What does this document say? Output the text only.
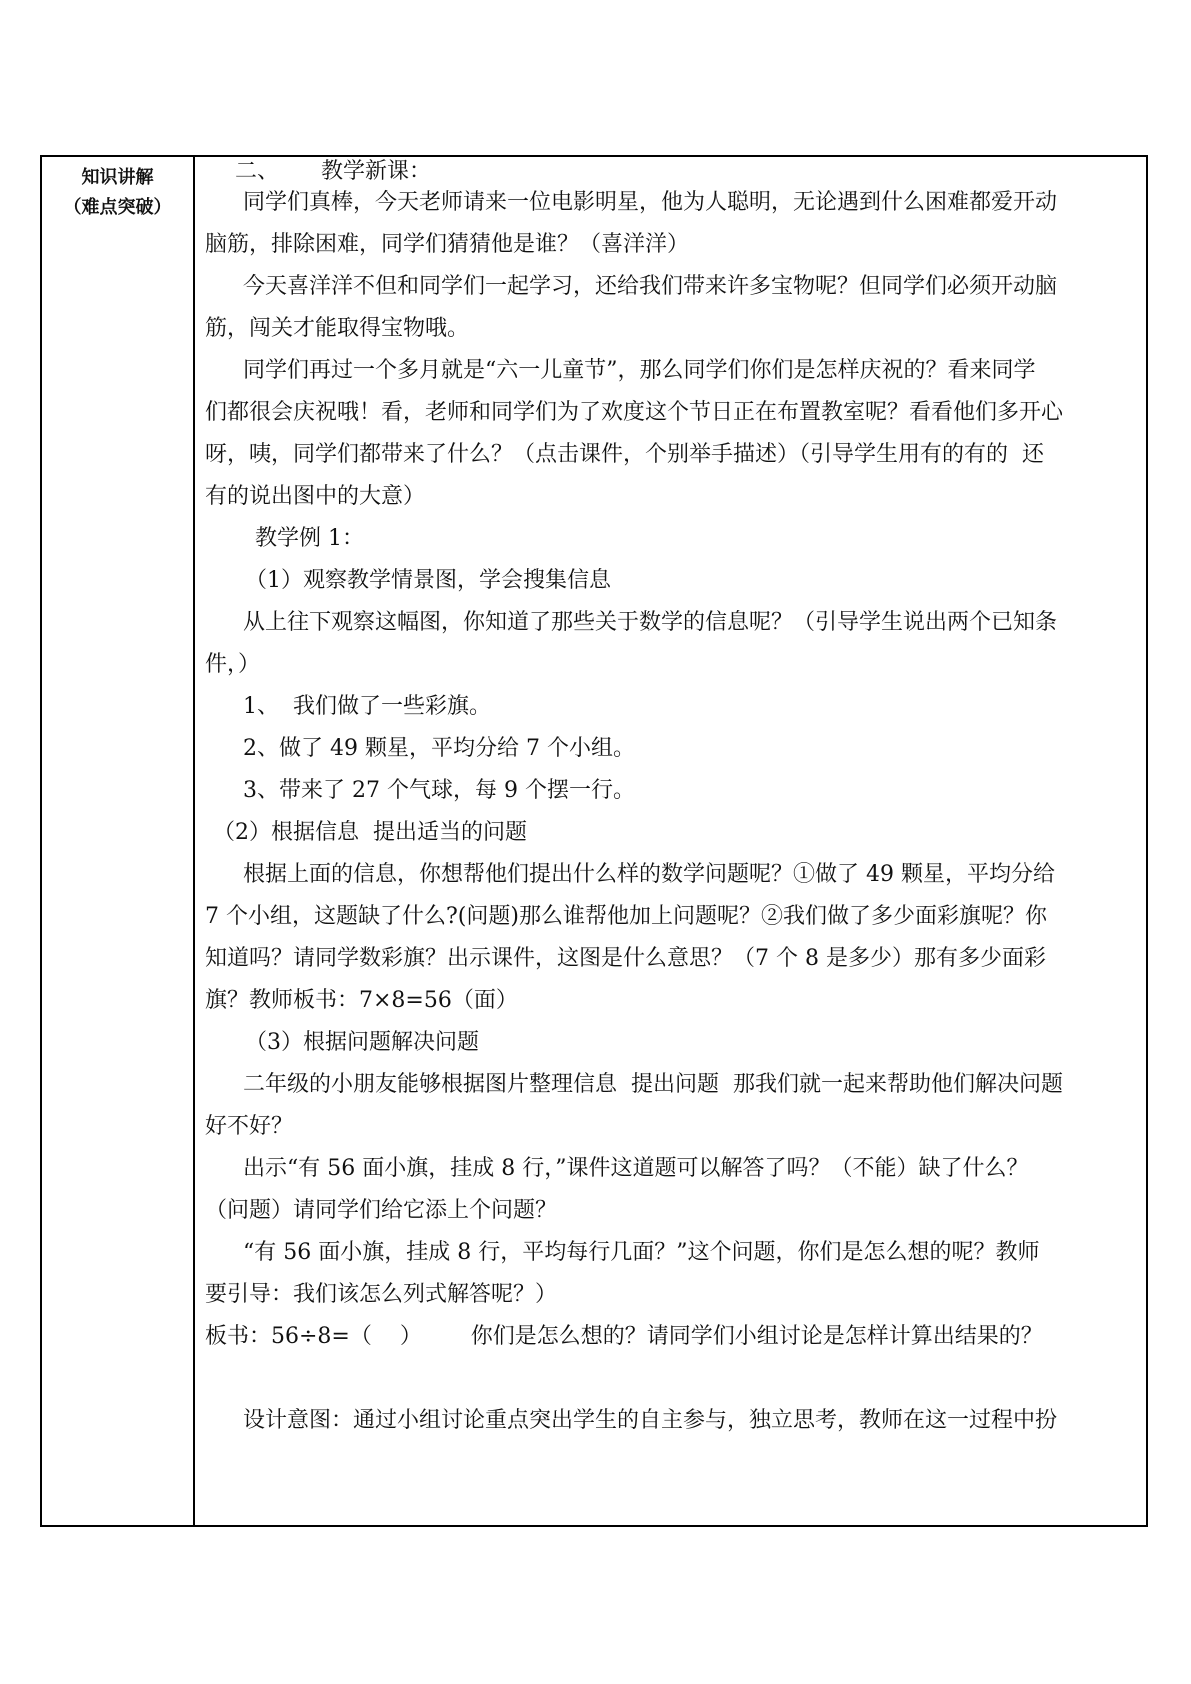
知识讲解
（难点突破）
二、      教学新课：
同学们真棒，今天老师请来一位电影明星，他为人聪明，无论遇到什么困难都爱开动
脑筋，排除困难，同学们猜猜他是谁？（喜洋洋）
今天喜洋洋不但和同学们一起学习，还给我们带来许多宝物呢？但同学们必须开动脑
筋，闯关才能取得宝物哦。
同学们再过一个多月就是“六一儿童节”，那么同学们你们是怎样庆祝的？看来同学
们都很会庆祝哦！看，老师和同学们为了欢度这个节日正在布置教室呢？看看他们多开心
呀，咦，同学们都带来了什么？（点击课件，个别举手描述）（引导学生用有的有的  还
有的说出图中的大意）
教学例 1：
（1）观察教学情景图，学会搜集信息
从上往下观察这幅图，你知道了那些关于数学的信息呢？（引导学生说出两个已知条
件，）
1、  我们做了一些彩旗。
2、做了 49 颗星，平均分给 7 个小组。
3、带来了 27 个气球，每 9 个摆一行。
（2）根据信息  提出适当的问题
根据上面的信息，你想帮他们提出什么样的数学问题呢？①做了 49 颗星，平均分给
7 个小组，这题缺了什么?(问题)那么谁帮他加上问题呢？②我们做了多少面彩旗呢？你
知道吗？请同学数彩旗？出示课件，这图是什么意思？（7 个 8 是多少）那有多少面彩
旗？教师板书：7×8=56（面）
（3）根据问题解决问题
二年级的小朋友能够根据图片整理信息  提出问题  那我们就一起来帮助他们解决问题
好不好？
出示“有 56 面小旗，挂成 8 行，”课件这道题可以解答了吗？（不能）缺了什么？
（问题）请同学们给它添上个问题？
“有 56 面小旗，挂成 8 行，平均每行几面？”这个问题，你们是怎么想的呢？教师
要引导：我们该怎么列式解答呢？）
板书：56÷8=（    ）       你们是怎么想的？请同学们小组讨论是怎样计算出结果的？
设计意图：通过小组讨论重点突出学生的自主参与，独立思考，教师在这一过程中扮
